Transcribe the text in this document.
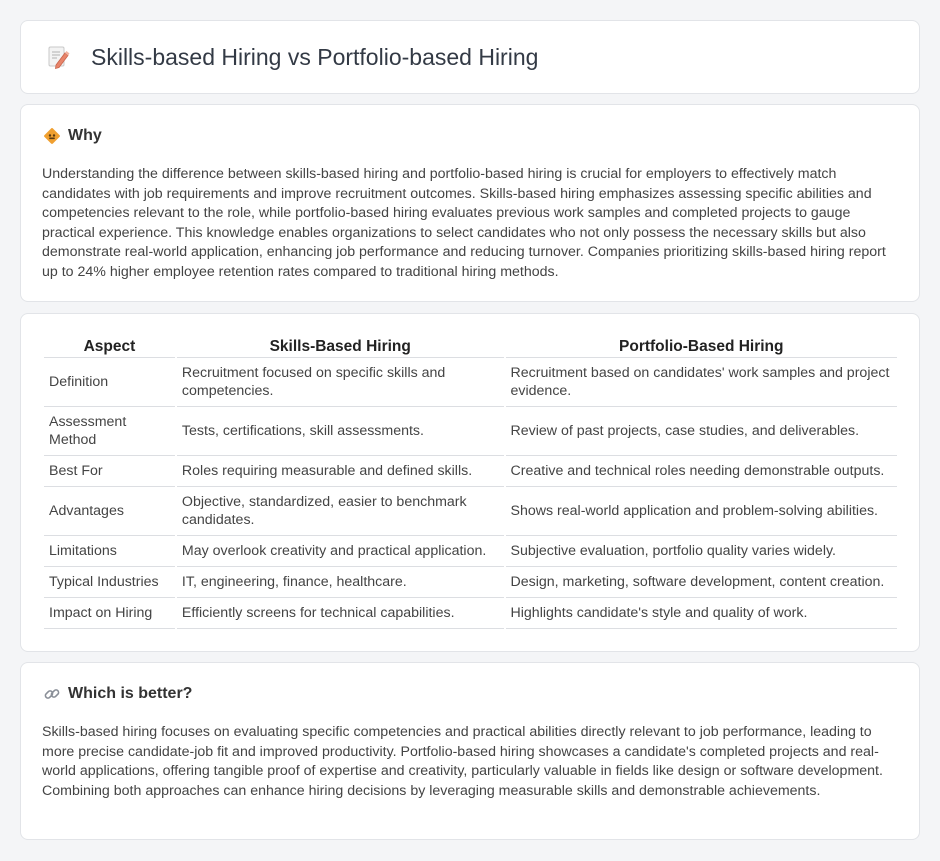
Skills-based Hiring vs Portfolio-based Hiring
Why

Understanding the difference between skills-based hiring and portfolio-based hiring is crucial for employers to effectively match candidates with job requirements and improve recruitment outcomes. Skills-based hiring emphasizes assessing specific abilities and competencies relevant to the role, while portfolio-based hiring evaluates previous work samples and completed projects to gauge practical experience. This knowledge enables organizations to select candidates who not only possess the necessary skills but also demonstrate real-world application, enhancing job performance and reducing turnover. Companies prioritizing skills-based hiring report up to 24% higher employee retention rates compared to traditional hiring methods.

Aspect	Skills-Based Hiring	Portfolio-Based Hiring
Definition	Recruitment focused on specific skills and competencies.	Recruitment based on candidates' work samples and project evidence.
Assessment Method	Tests, certifications, skill assessments.	Review of past projects, case studies, and deliverables.
Best For	Roles requiring measurable and defined skills.	Creative and technical roles needing demonstrable outputs.
Advantages	Objective, standardized, easier to benchmark candidates.	Shows real-world application and problem-solving abilities.
Limitations	May overlook creativity and practical application.	Subjective evaluation, portfolio quality varies widely.
Typical Industries	IT, engineering, finance, healthcare.	Design, marketing, software development, content creation.
Impact on Hiring	Efficiently screens for technical capabilities.	Highlights candidate's style and quality of work.
Which is better?

Skills-based hiring focuses on evaluating specific competencies and practical abilities directly relevant to job performance, leading to more precise candidate-job fit and improved productivity. Portfolio-based hiring showcases a candidate's completed projects and real-world applications, offering tangible proof of expertise and creativity, particularly valuable in fields like design or software development. Combining both approaches can enhance hiring decisions by leveraging measurable skills and demonstrable achievements.
